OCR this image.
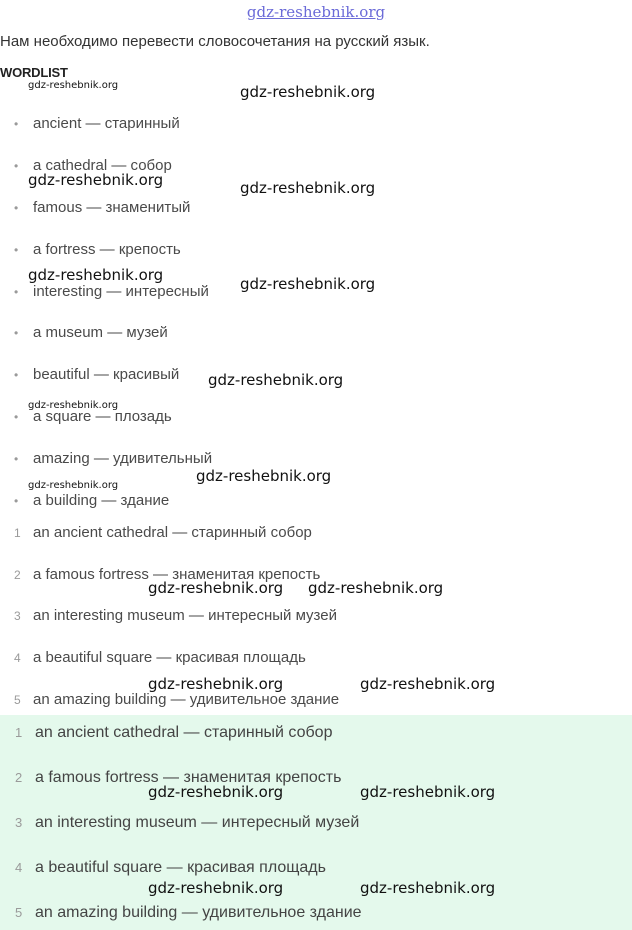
gdz-reshebnik.org
Нам необходимо перевести словосочетания на русский язык.
WORDLIST
• ancient — старинный
• a cathedral — собор
• famous — знаменитый
• a fortress — крепость
• interesting — интересный
• a museum — музей
• beautiful — красивый
• a square — плозадь
• amazing — удивительный
• a building — здание
1 an ancient cathedral — старинный собор
2 a famous fortress — знаменитая крепость
3 an interesting museum — интересный музей
4 a beautiful square — красивая площадь
5 an amazing building — удивительное здание
1 an ancient cathedral — старинный собор
2 a famous fortress — знаменитая крепость
3 an interesting museum — интересный музей
4 a beautiful square — красивая площадь
5 an amazing building — удивительное здание
gdz-reshebnik.org	gdz-reshebnik.org
gdz-reshebnik.org	gdz-reshebnik.org
gdz-reshebnik.org	gdz-reshebnik.org
gdz-reshebnik.org
gdz-reshebnik.org
gdz-reshebnik.org
gdz-reshebnik.org
gdz-reshebnik.org gdz-reshebnik.org
gdz-reshebnik.org	gdz-reshebnik.org
gdz-reshebnik.org	gdz-reshebnik.org
gdz-reshebnik.org	gdz-reshebnik.org
